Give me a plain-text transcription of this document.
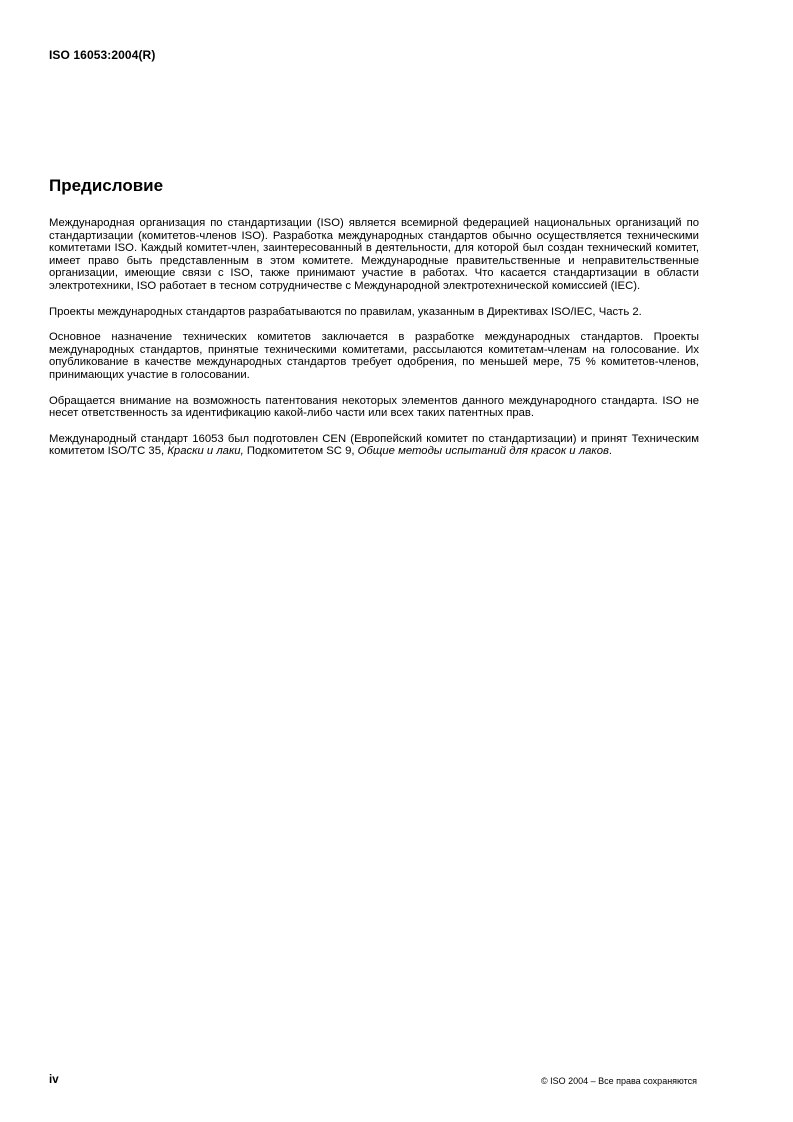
ISO 16053:2004(R)
Предисловие

Международная организация по стандартизации (ISO) является всемирной федерацией национальных организаций по стандартизации (комитетов-членов ISO). Разработка международных стандартов обычно осуществляется техническими комитетами ISO. Каждый комитет-член, заинтересованный в деятельности, для которой был создан технический комитет, имеет право быть представленным в этом комитете. Международные правительственные и неправительственные организации, имеющие связи с ISO, также принимают участие в работах. Что касается стандартизации в области электротехники, ISO работает в тесном сотрудничестве с Международной электротехнической комиссией (IEC).

Проекты международных стандартов разрабатываются по правилам, указанным в Директивах ISO/IEC, Часть 2.

Основное назначение технических комитетов заключается в разработке международных стандартов. Проекты международных стандартов, принятые техническими комитетами, рассылаются комитетам-членам на голосование. Их опубликование в качестве международных стандартов требует одобрения, по меньшей мере, 75 % комитетов-членов, принимающих участие в голосовании.

Обращается внимание на возможность патентования некоторых элементов данного международного стандарта. ISO не несет ответственность за идентификацию какой-либо части или всех таких патентных прав.

Международный стандарт 16053 был подготовлен CEN (Европейский комитет по стандартизации) и принят Техническим комитетом ISO/TC 35, Краски и лаки, Подкомитетом SC 9, Общие методы испытаний для красок и лаков.

iv	© ISO 2004 – Все права сохраняются
